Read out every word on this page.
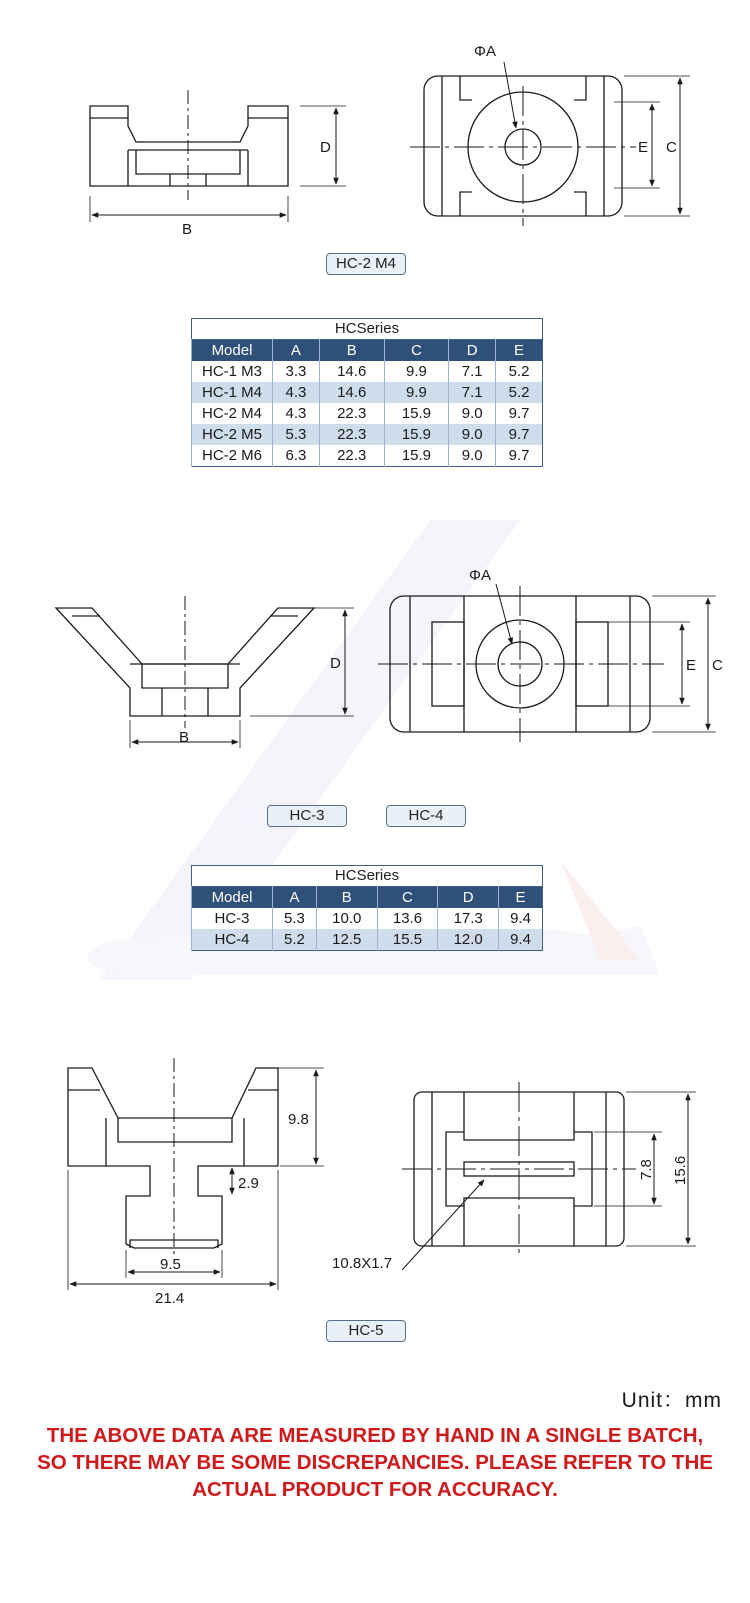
D
B
ΦA
E C
HC-2 M4
HCSeries
Model	A	B	C	D	E
HC-1 M3	3.3	14.6	9.9	7.1	5.2
HC-1 M4	4.3	14.6	9.9	7.1	5.2
HC-2 M4	4.3	22.3	15.9	9.0	9.7
HC-2 M5	5.3	22.3	15.9	9.0	9.7
HC-2 M6	6.3	22.3	15.9	9.0	9.7
D
B
ΦA
E C
HC-3	HC-4
HCSeries
Model	A	B	C	D	E
HC-3	5.3	10.0	13.6	17.3	9.4
HC-4	5.2	12.5	15.5	12.0	9.4
9.8
2.9
9.5
21.4
10.8X1.7
7.8 15.6
HC-5
Unit：mm
THE ABOVE DATA ARE MEASURED BY HAND IN A SINGLE BATCH, SO THERE MAY BE SOME DISCREPANCIES. PLEASE REFER TO THE ACTUAL PRODUCT FOR ACCURACY.
